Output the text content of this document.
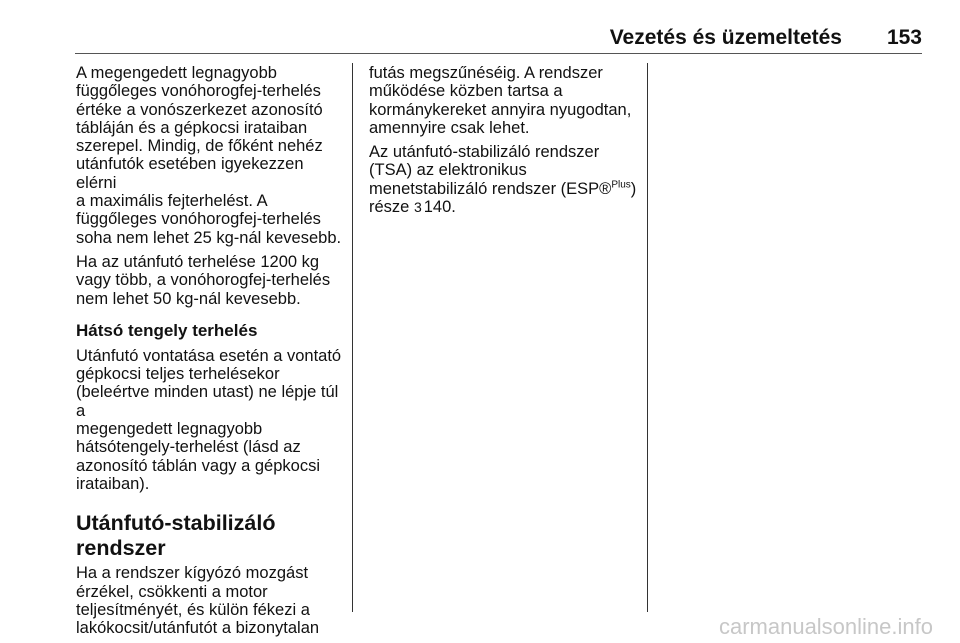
Vezetés és üzemeltetés	153

A megengedett legnagyobb
függőleges vonóhorogfej-terhelés
értéke a vonószerkezet azonosító
tábláján és a gépkocsi irataiban
szerepel. Mindig, de főként nehéz
utánfutók esetében igyekezzen elérni
a maximális fejterhelést. A
függőleges vonóhorogfej-terhelés
soha nem lehet 25 kg-nál kevesebb.

Ha az utánfutó terhelése 1200 kg
vagy több, a vonóhorogfej-terhelés
nem lehet 50 kg-nál kevesebb.

Hátsó tengely terhelés

Utánfutó vontatása esetén a vontató
gépkocsi teljes terhelésekor
(beleértve minden utast) ne lépje túl a
megengedett legnagyobb
hátsótengely-terhelést (lásd az
azonosító táblán vagy a gépkocsi
irataiban).

Utánfutó-stabilizáló
rendszer

Ha a rendszer kígyózó mozgást
érzékel, csökkenti a motor
teljesítményét, és külön fékezi a
lakókocsit/utánfutót a bizonytalan

futás megszűnéséig. A rendszer
működése közben tartsa a
kormánykereket annyira nyugodtan,
amennyire csak lehet.

Az utánfutó-stabilizáló rendszer
(TSA) az elektronikus
menetstabilizáló rendszer (ESP®$^{Plus}$)
része 3 140.

carmanualsonline.info
